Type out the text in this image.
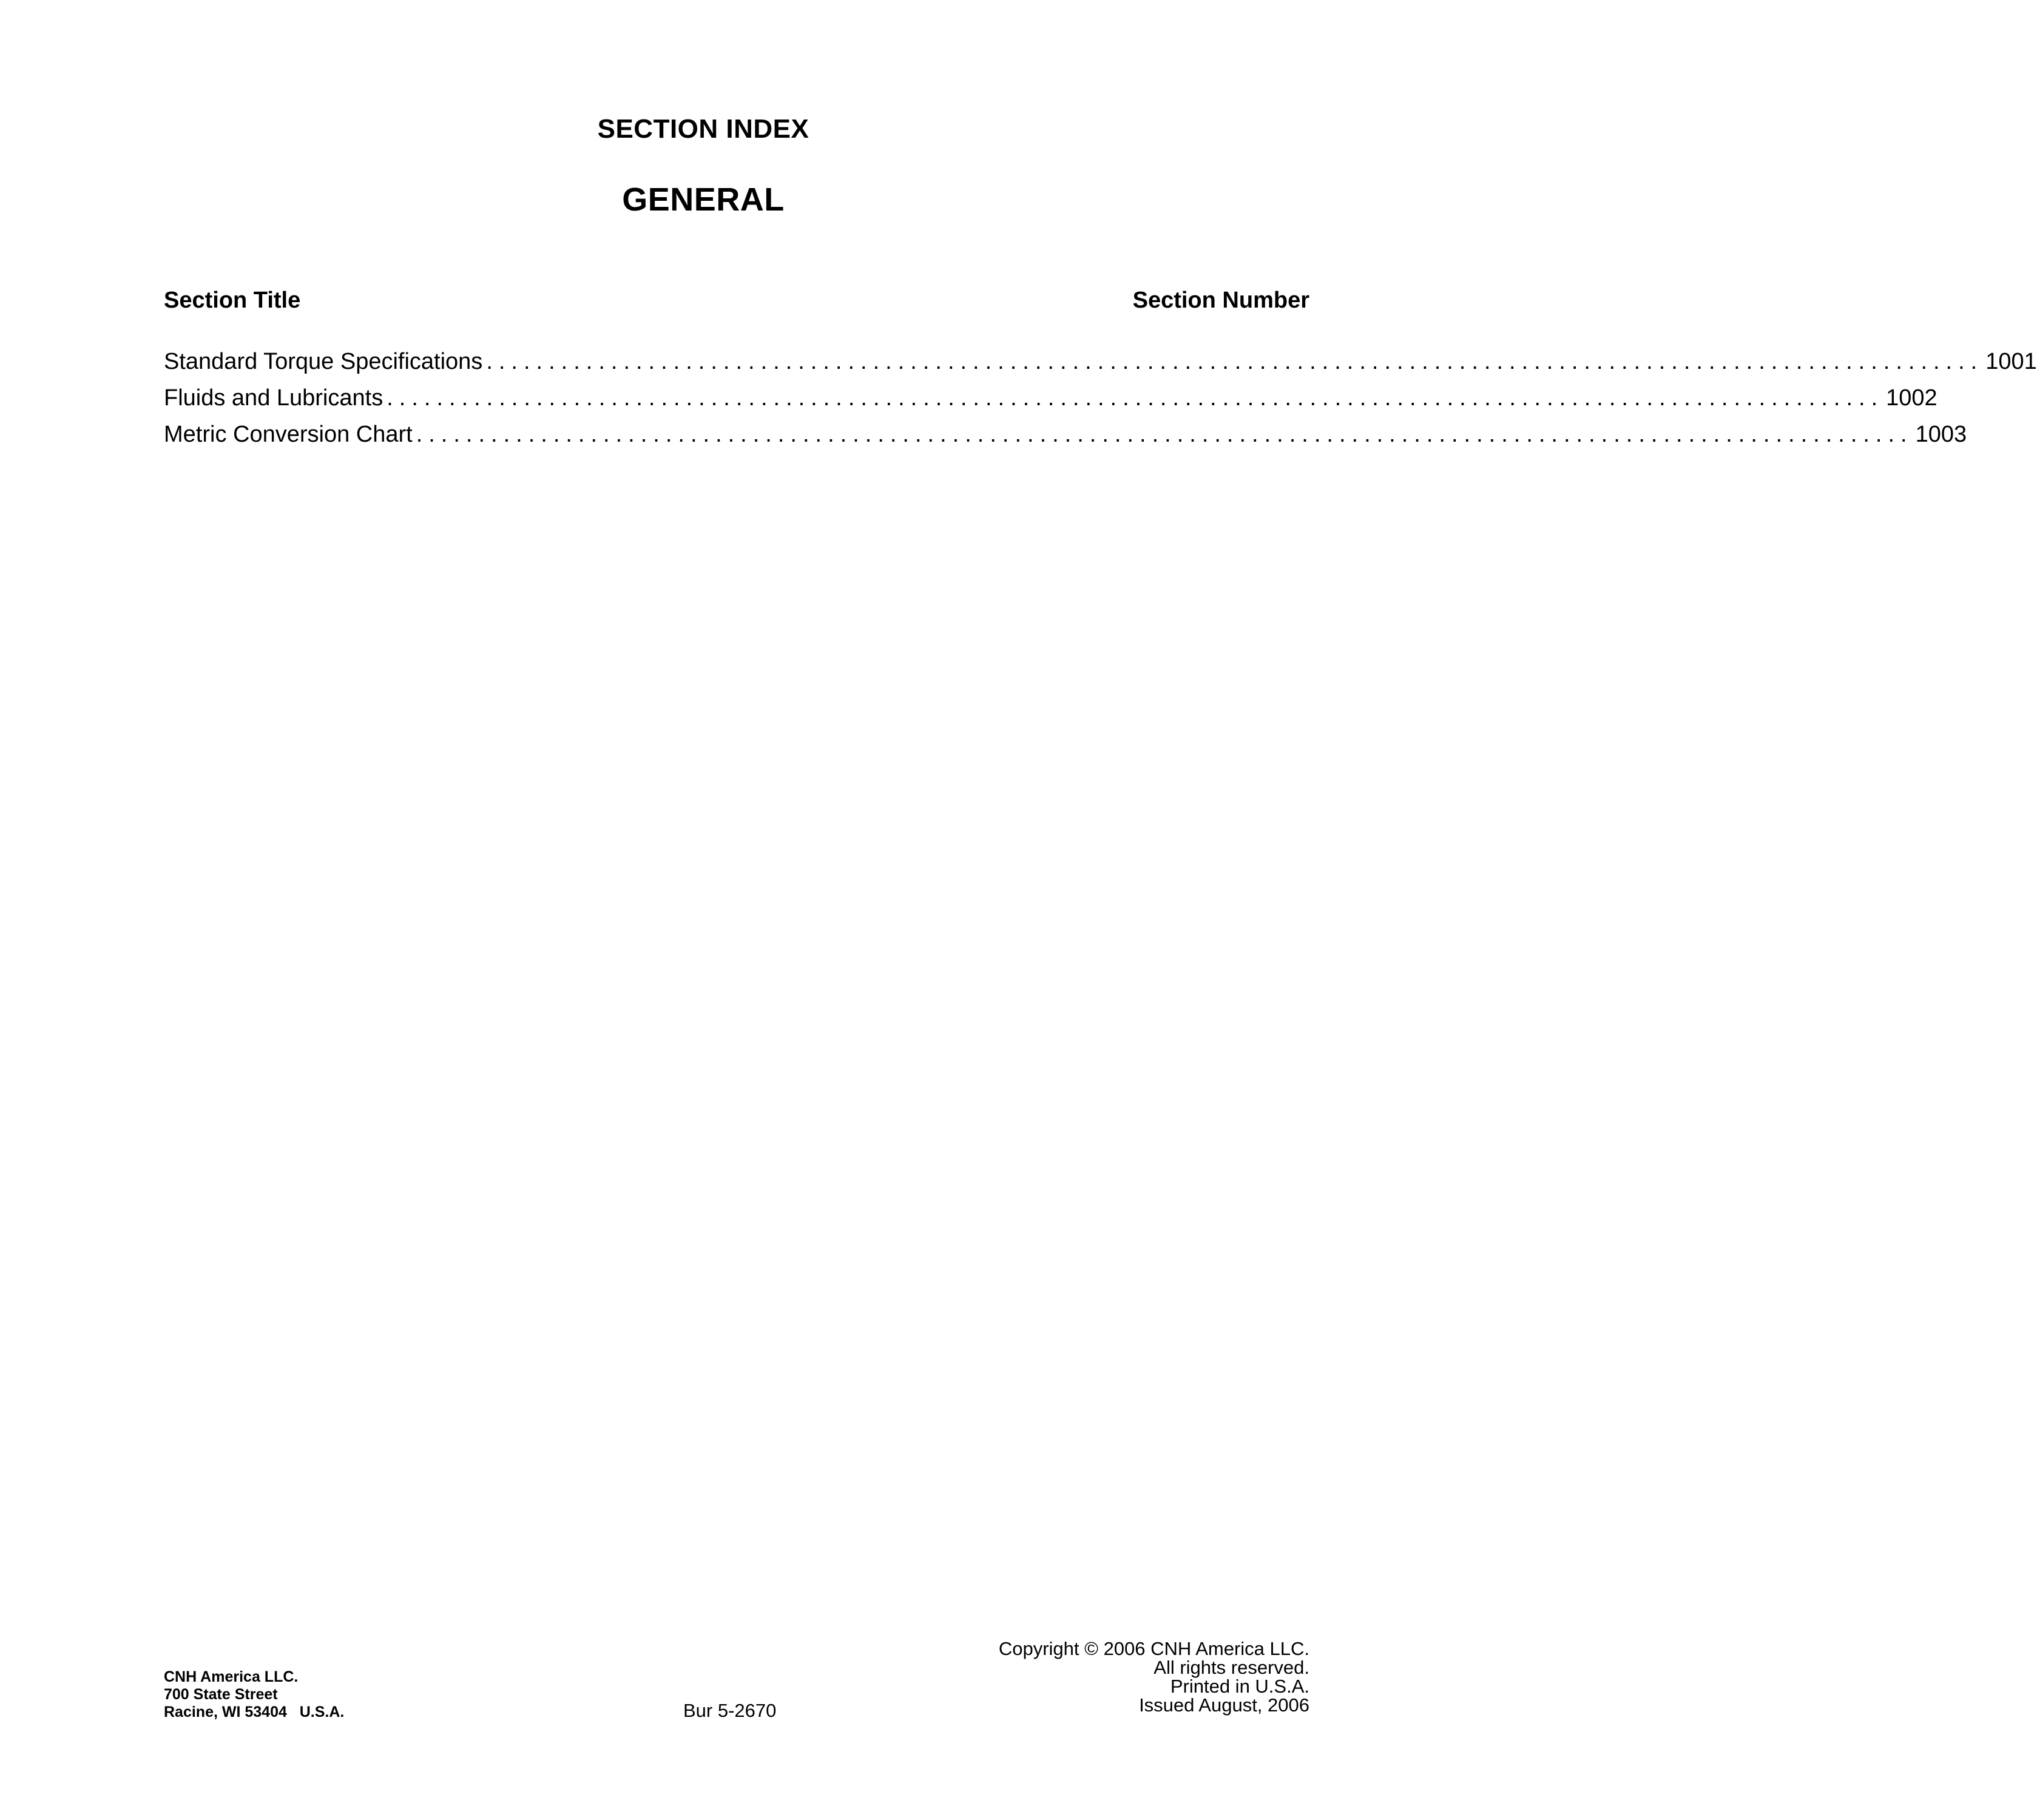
SECTION INDEX
GENERAL
Section Title	Section Number
Standard Torque Specifications ........................................................................................................................ 1001
Fluids and Lubricants ........................................................................................................................ 1002
Metric Conversion Chart ........................................................................................................................ 1003
CNH America LLC.
700 State Street
Racine, WI 53404   U.S.A.	Bur 5-2670
Copyright © 2006 CNH America LLC.
All rights reserved.
Printed in U.S.A.
Issued August, 2006
